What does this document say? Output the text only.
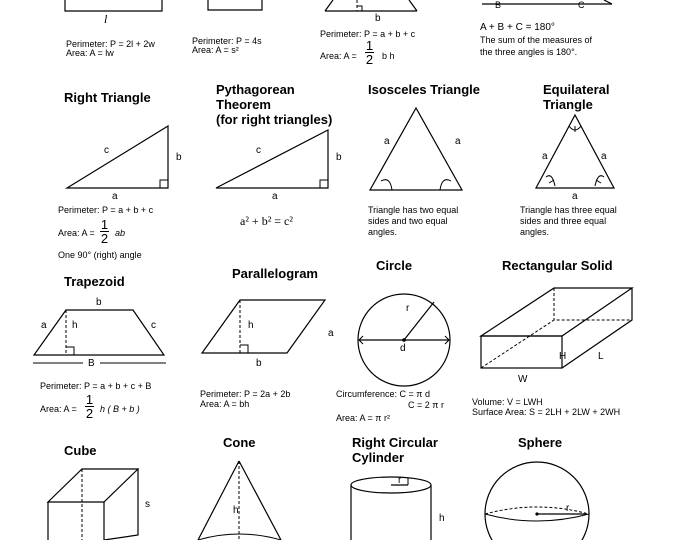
l
Perimeter: P = 2l + 2w
Area: A = lw
Perimeter: P = 4s
Area: A = s²
b
Perimeter: P = a + b + c
Area: A =
1
2 b h
B	C
A + B + C = 180°
The sum of the measures of
the three angles is 180°.
Right Triangle
c
b
a
Perimeter: P = a + b + c
Area: A =
1
2 ab
One 90° (right) angle
Pythagorean
Theorem
(for right triangles)
c
b
a
a² + b² = c²
Isosceles Triangle
a	a
Triangle has two equal
sides and two equal
angles.
Equilateral
Triangle
a	a
a
Triangle has three equal
sides and three equal
angles.
Trapezoid
b
a	h	c
B
Perimeter: P = a + b + c + B
Area: A =
1
2 h ( B + b )
Parallelogram
h
a
b
Perimeter: P = 2a + 2b
Area: A = bh
Circle
r
d
Circumference: C = π d
C = 2 π r
Area: A = π r²
Rectangular Solid
H	L
W
Volume: V = LWH
Surface Area: S = 2LH + 2LW + 2WH
Cube
s
Cone
h
Right Circular
Cylinder
r
h
Sphere
r
